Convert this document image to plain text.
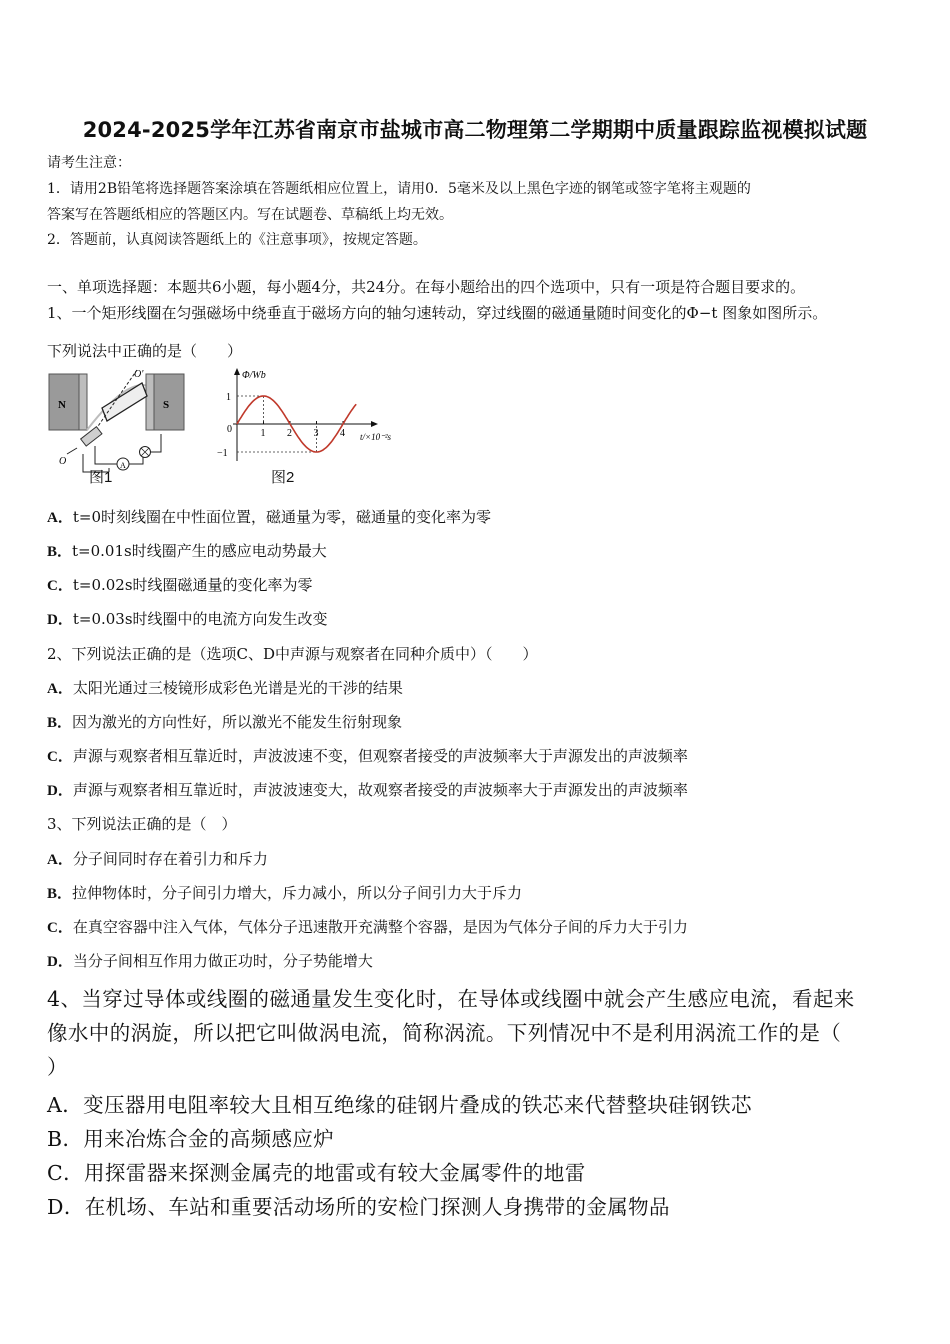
2024-2025学年江苏省南京市盐城市高二物理第二学期期中质量跟踪监视模拟试题
请考生注意：
1．请用2B铅笔将选择题答案涂填在答题纸相应位置上，请用0．5毫米及以上黑色字迹的钢笔或签字笔将主观题的
答案写在答题纸相应的答题区内。写在试题卷、草稿纸上均无效。
2．答题前，认真阅读答题纸上的《注意事项》，按规定答题。
一、单项选择题：本题共6小题，每小题4分，共24分。在每小题给出的四个选项中，只有一项是符合题目要求的。
1、一个矩形线圈在匀强磁场中绕垂直于磁场方向的轴匀速转动，穿过线圈的磁通量随时间变化的Φ−t 图象如图所示。
下列说法中正确的是（　　）
N	S
O'
O	A
图1
Φ/Wb
t/×10⁻²s
0	1 2 3 4
1
−1
图2
A．t=0时刻线圈在中性面位置，磁通量为零，磁通量的变化率为零
B．t=0.01s时线圈产生的感应电动势最大
C．t=0.02s时线圈磁通量的变化率为零
D．t=0.03s时线圈中的电流方向发生改变
2、下列说法正确的是（选项C、D中声源与观察者在同种介质中）（　　）
A．太阳光通过三棱镜形成彩色光谱是光的干涉的结果
B．因为激光的方向性好，所以激光不能发生衍射现象
C．声源与观察者相互靠近时，声波波速不变，但观察者接受的声波频率大于声源发出的声波频率
D．声源与观察者相互靠近时，声波波速变大，故观察者接受的声波频率大于声源发出的声波频率
3、下列说法正确的是（　）
A．分子间同时存在着引力和斥力
B．拉伸物体时，分子间引力增大，斥力减小，所以分子间引力大于斥力
C．在真空容器中注入气体，气体分子迅速散开充满整个容器，是因为气体分子间的斥力大于引力
D．当分子间相互作用力做正功时，分子势能增大
4、当穿过导体或线圈的磁通量发生变化时，在导体或线圈中就会产生感应电流，看起来
像水中的涡旋，所以把它叫做涡电流，简称涡流。下列情况中不是利用涡流工作的是（
）
A．变压器用电阻率较大且相互绝缘的硅钢片叠成的铁芯来代替整块硅钢铁芯
B．用来冶炼合金的高频感应炉
C．用探雷器来探测金属壳的地雷或有较大金属零件的地雷
D．在机场、车站和重要活动场所的安检门探测人身携带的金属物品
